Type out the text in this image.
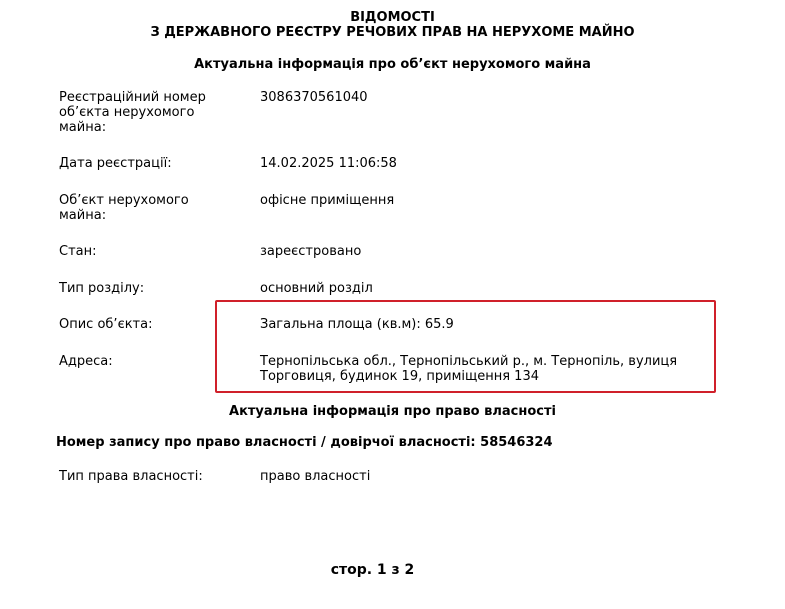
ВІДОМОСТІ
З ДЕРЖАВНОГО РЕЄСТРУ РЕЧОВИХ ПРАВ НА НЕРУХОМЕ МАЙНО
Актуальна інформація про об’єкт нерухомого майна
Реєстраційний номер об’єкта нерухомого майна:
3086370561040
Дата реєстрації:	14.02.2025 11:06:58
Об’єкт нерухомого майна:
офісне приміщення
Стан:	зареєстровано
Тип розділу:	основний розділ
Опис об’єкта:	Загальна площа (кв.м): 65.9
Адреса:	Тернопільська обл., Тернопільський р., м. Тернопіль, вулиця Торговиця, будинок 19, приміщення 134
Актуальна інформація про право власності
Номер запису про право власності / довірчої власності: 58546324
Тип права власності:	право власності
стор. 1 з 2
